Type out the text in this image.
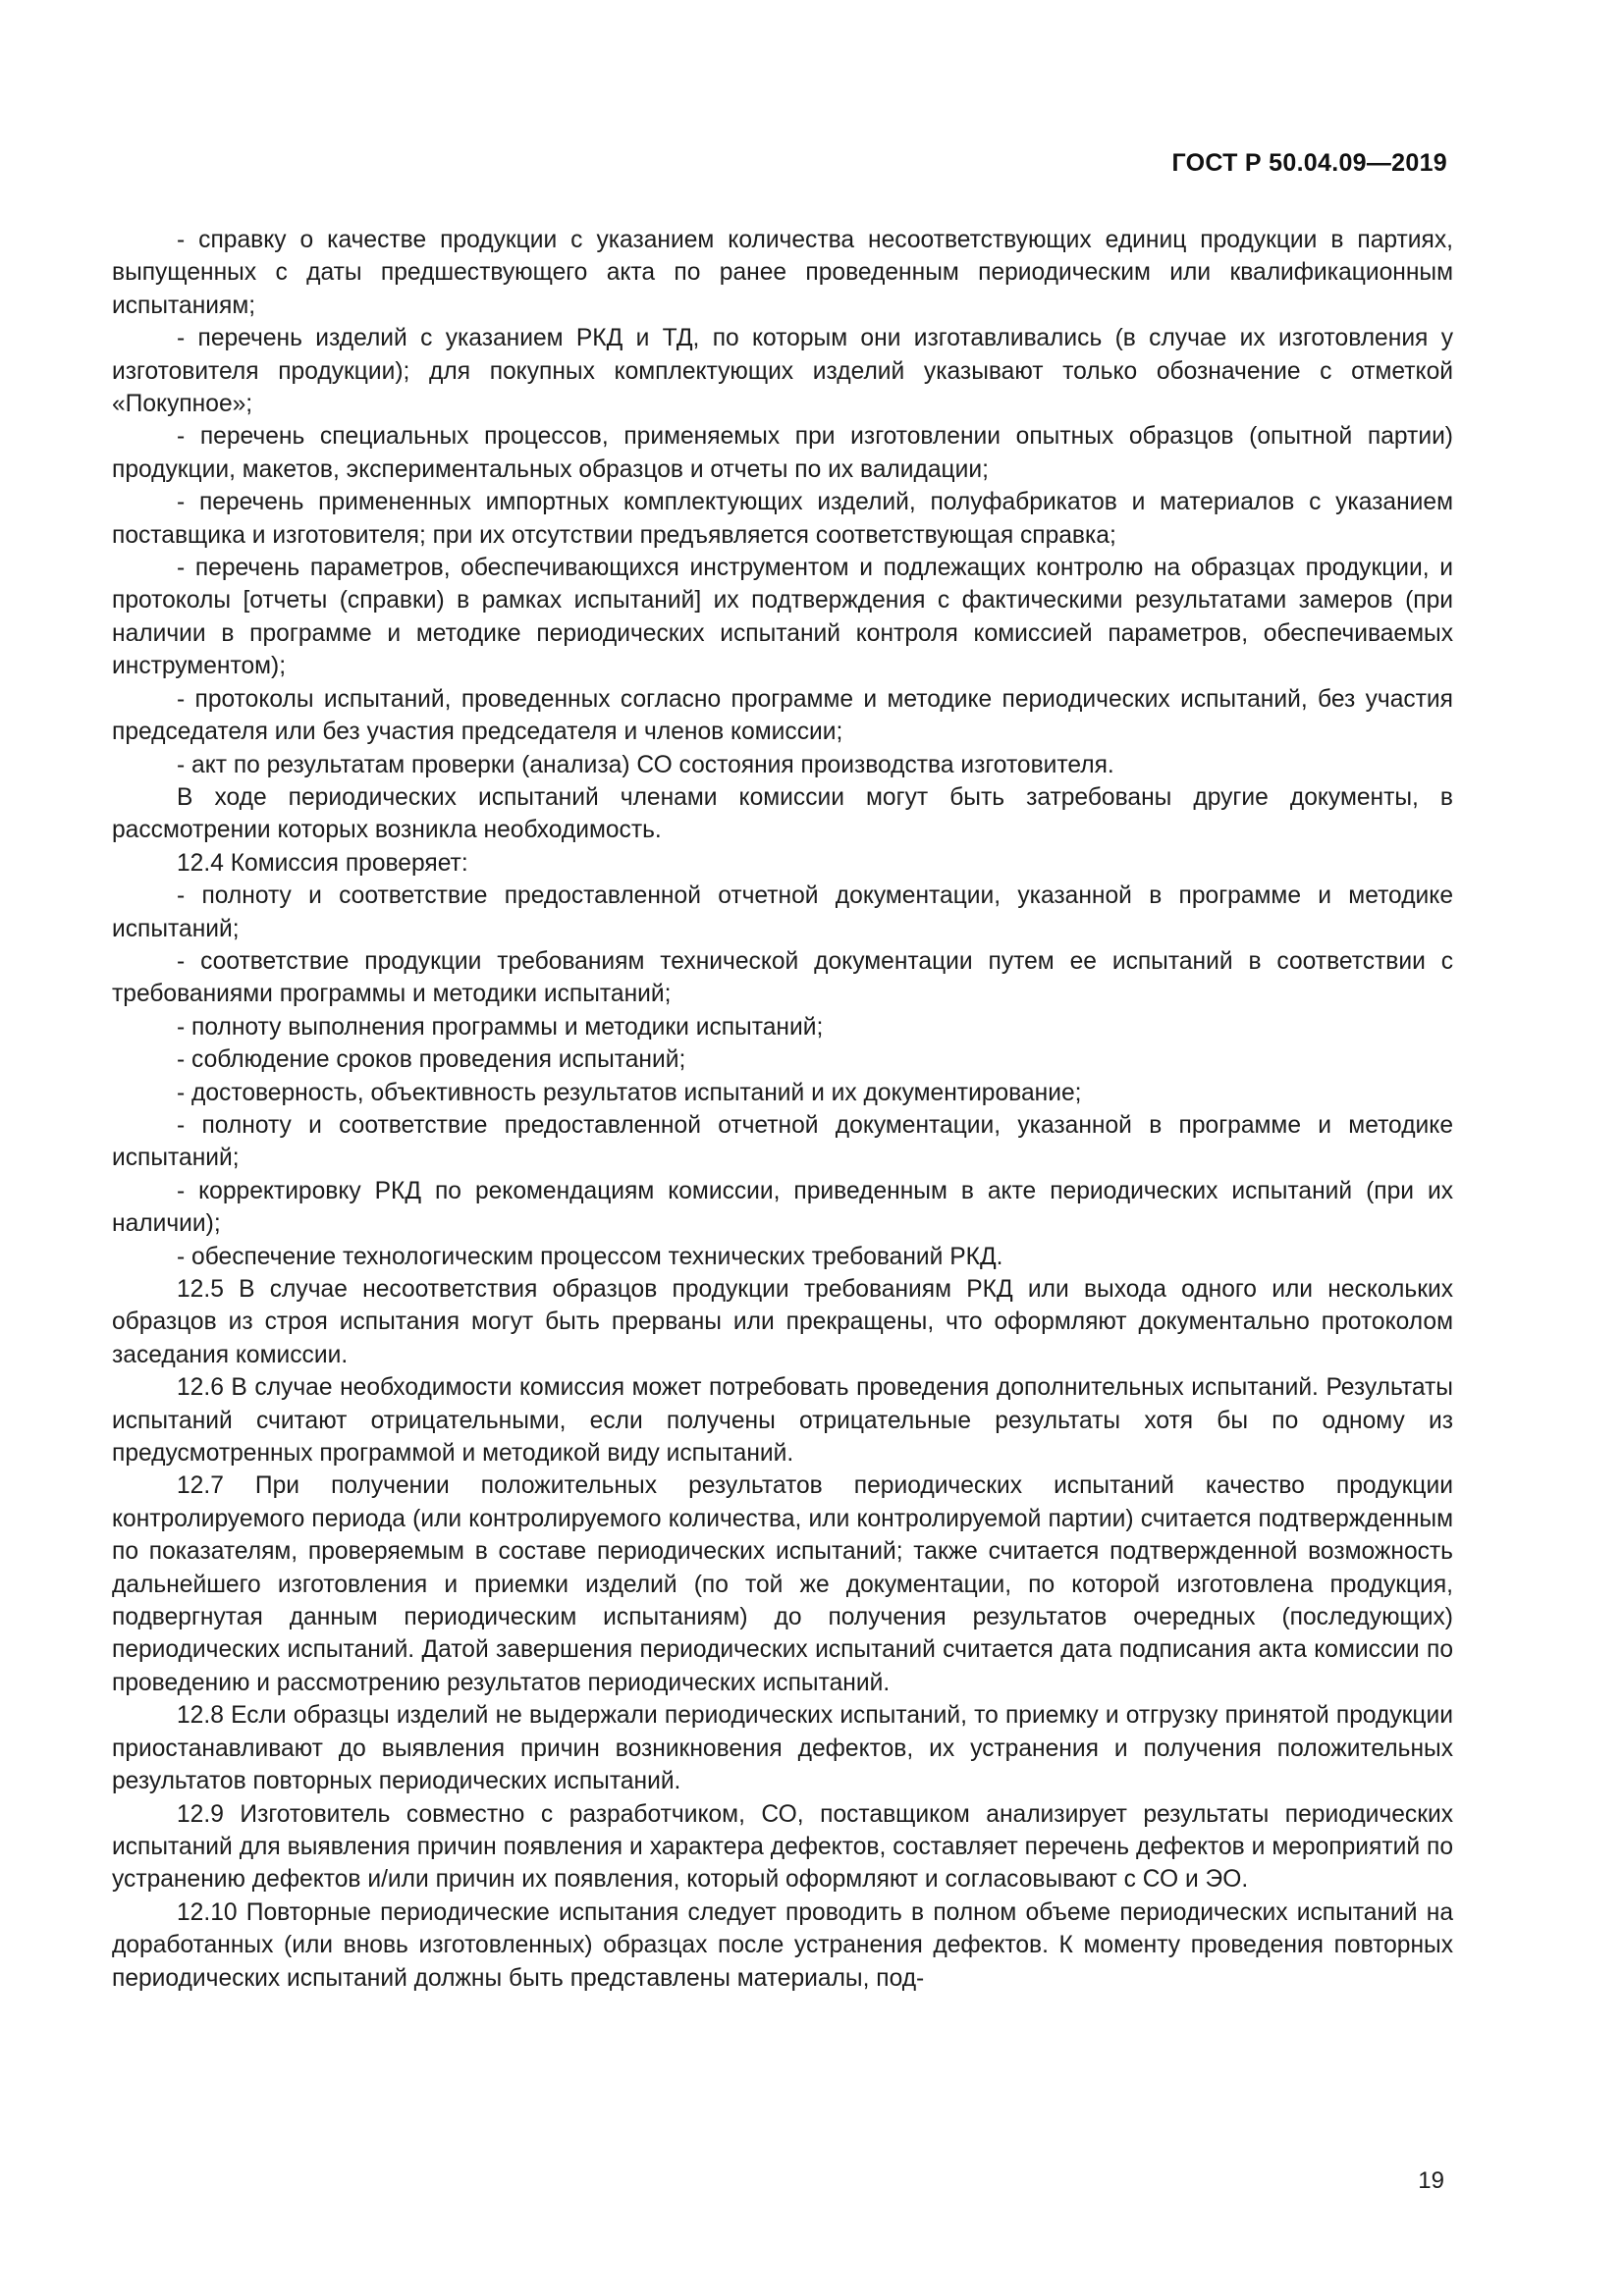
ГОСТ Р 50.04.09—2019

- справку о качестве продукции с указанием количества несоответствующих единиц продукции в партиях, выпущенных с даты предшествующего акта по ранее проведенным периодическим или квалификационным испытаниям;

- перечень изделий с указанием РКД и ТД, по которым они изготавливались (в случае их изготовления у изготовителя продукции); для покупных комплектующих изделий указывают только обозначение с отметкой «Покупное»;

- перечень специальных процессов, применяемых при изготовлении опытных образцов (опытной партии) продукции, макетов, экспериментальных образцов и отчеты по их валидации;

- перечень примененных импортных комплектующих изделий, полуфабрикатов и материалов с указанием поставщика и изготовителя; при их отсутствии предъявляется соответствующая справка;

- перечень параметров, обеспечивающихся инструментом и подлежащих контролю на образцах продукции, и протоколы [отчеты (справки) в рамках испытаний] их подтверждения с фактическими результатами замеров (при наличии в программе и методике периодических испытаний контроля комиссией параметров, обеспечиваемых инструментом);

- протоколы испытаний, проведенных согласно программе и методике периодических испытаний, без участия председателя или без участия председателя и членов комиссии;

- акт по результатам проверки (анализа) СО состояния производства изготовителя.

В ходе периодических испытаний членами комиссии могут быть затребованы другие документы, в рассмотрении которых возникла необходимость.

12.4 Комиссия проверяет:

- полноту и соответствие предоставленной отчетной документации, указанной в программе и методике испытаний;

- соответствие продукции требованиям технической документации путем ее испытаний в соответствии с требованиями программы и методики испытаний;

- полноту выполнения программы и методики испытаний;

- соблюдение сроков проведения испытаний;

- достоверность, объективность результатов испытаний и их документирование;

- полноту и соответствие предоставленной отчетной документации, указанной в программе и методике испытаний;

- корректировку РКД по рекомендациям комиссии, приведенным в акте периодических испытаний (при их наличии);

- обеспечение технологическим процессом технических требований РКД.

12.5 В случае несоответствия образцов продукции требованиям РКД или выхода одного или нескольких образцов из строя испытания могут быть прерваны или прекращены, что оформляют документально протоколом заседания комиссии.

12.6 В случае необходимости комиссия может потребовать проведения дополнительных испытаний. Результаты испытаний считают отрицательными, если получены отрицательные результаты хотя бы по одному из предусмотренных программой и методикой виду испытаний.

12.7 При получении положительных результатов периодических испытаний качество продукции контролируемого периода (или контролируемого количества, или контролируемой партии) считается подтвержденным по показателям, проверяемым в составе периодических испытаний; также считается подтвержденной возможность дальнейшего изготовления и приемки изделий (по той же документации, по которой изготовлена продукция, подвергнутая данным периодическим испытаниям) до получения результатов очередных (последующих) периодических испытаний. Датой завершения периодических испытаний считается дата подписания акта комиссии по проведению и рассмотрению результатов периодических испытаний.

12.8 Если образцы изделий не выдержали периодических испытаний, то приемку и отгрузку принятой продукции приостанавливают до выявления причин возникновения дефектов, их устранения и получения положительных результатов повторных периодических испытаний.

12.9 Изготовитель совместно с разработчиком, СО, поставщиком анализирует результаты периодических испытаний для выявления причин появления и характера дефектов, составляет перечень дефектов и мероприятий по устранению дефектов и/или причин их появления, который оформляют и согласовывают с СО и ЭО.

12.10 Повторные периодические испытания следует проводить в полном объеме периодических испытаний на доработанных (или вновь изготовленных) образцах после устранения дефектов. К моменту проведения повторных периодических испытаний должны быть представлены материалы, под-

19
